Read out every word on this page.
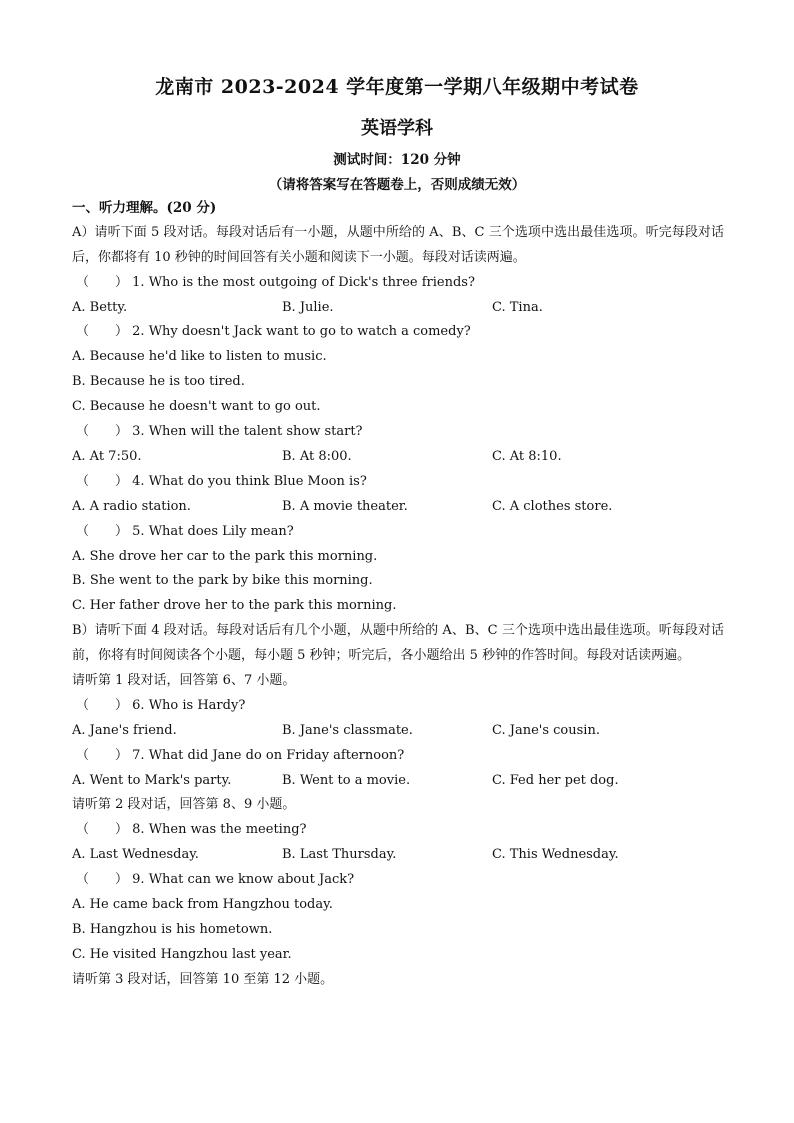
龙南市 2023-2024 学年度第一学期八年级期中考试卷
英语学科
测试时间：120 分钟
（请将答案写在答题卷上，否则成绩无效）
一、听力理解。(20 分)
A）请听下面 5 段对话。每段对话后有一小题，从题中所给的 A、B、C 三个选项中选出最佳选项。听完每段对话后，你都将有 10 秒钟的时间回答有关小题和阅读下一小题。每段对话读两遍。
（　　） 1. Who is the most outgoing of Dick's three friends?
A. Betty.	B. Julie.	C. Tina.
（　　） 2. Why doesn't Jack want to go to watch a comedy?
A. Because he'd like to listen to music.
B. Because he is too tired.
C. Because he doesn't want to go out.
（　　） 3. When will the talent show start?
A. At 7:50.	B. At 8:00.	C. At 8:10.
（　　） 4. What do you think Blue Moon is?
A. A radio station.	B. A movie theater.	C. A clothes store.
（　　） 5. What does Lily mean?
A. She drove her car to the park this morning.
B. She went to the park by bike this morning.
C. Her father drove her to the park this morning.
B）请听下面 4 段对话。每段对话后有几个小题，从题中所给的 A、B、C 三个选项中选出最佳选项。听每段对话前，你将有时间阅读各个小题，每小题 5 秒钟；听完后，各小题给出 5 秒钟的作答时间。每段对话读两遍。
请听第 1 段对话，回答第 6、7 小题。
（　　） 6. Who is Hardy?
A. Jane's friend.	B. Jane's classmate.	C. Jane's cousin.
（　　） 7. What did Jane do on Friday afternoon?
A. Went to Mark's party.	B. Went to a movie.	C. Fed her pet dog.
请听第 2 段对话，回答第 8、9 小题。
（　　） 8. When was the meeting?
A. Last Wednesday.	B. Last Thursday.	C. This Wednesday.
（　　） 9. What can we know about Jack?
A. He came back from Hangzhou today.
B. Hangzhou is his hometown.
C. He visited Hangzhou last year.
请听第 3 段对话，回答第 10 至第 12 小题。
